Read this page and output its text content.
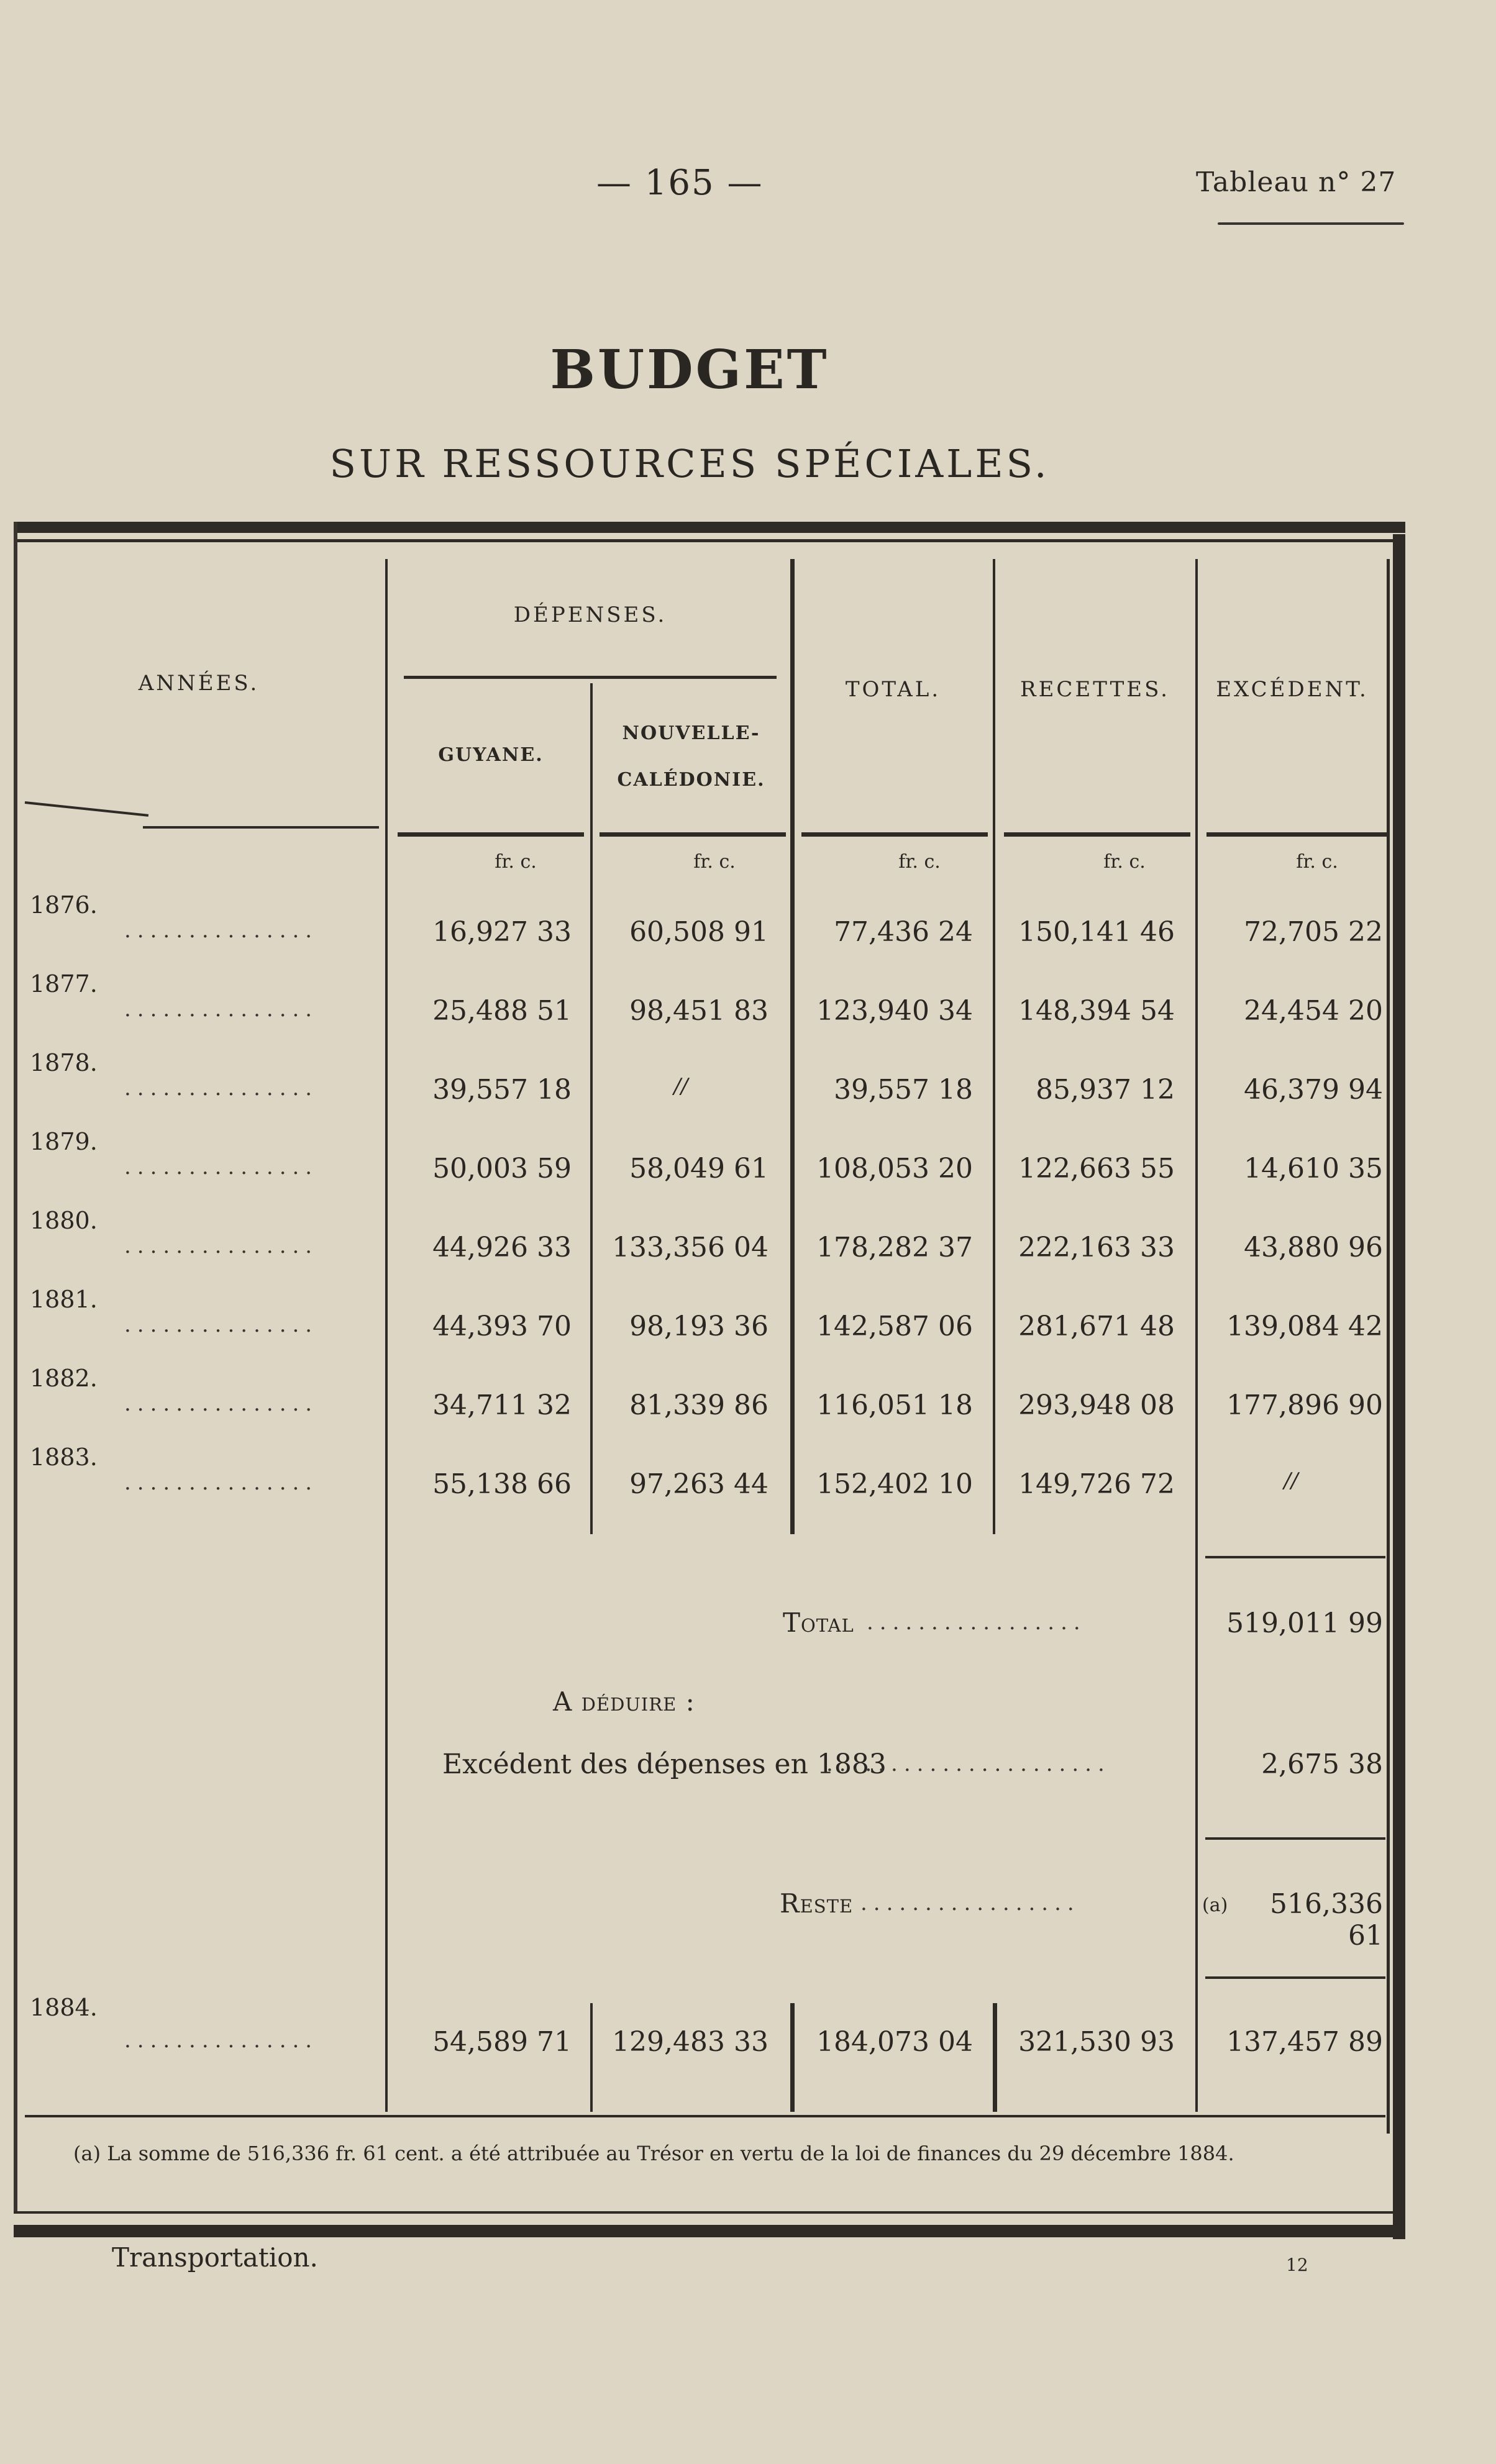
— 165 —	Tableau n° 27
BUDGET
SUR RESSOURCES SPÉCIALES.
ANNÉES.
DÉPENSES.
GUYANE.
NOUVELLE-
CALÉDONIE.
TOTAL.	RECETTES.	EXCÉDENT.
fr. c.	fr. c.	fr. c.	fr. c.	fr. c.
1876.
...............	16,927 33	60,508 91	77,436 24	150,141 46	72,705 22
1877.
...............	25,488 51	98,451 83	123,940 34	148,394 54	24,454 20
1878.
...............	39,557 18	//	39,557 18	85,937 12	46,379 94
1879.
...............	50,003 59	58,049 61	108,053 20	122,663 55	14,610 35
1880.
...............	44,926 33	133,356 04	178,282 37	222,163 33	43,880 96
1881.
...............	44,393 70	98,193 36	142,587 06	281,671 48	139,084 42
1882.
...............	34,711 32	81,339 86	116,051 18	293,948 08	177,896 90
1883.
...............	55,138 66	97,263 44	152,402 10	149,726 72	//
Total .................	519,011 99
A déduire :
Excédent des dépenses en 1883
......................	2,675 38
Reste .................	(a)	516,336 61
1884.
...............	54,589 71	129,483 33	184,073 04	321,530 93	137,457 89
(a) La somme de 516,336 fr. 61 cent. a été attribuée au Trésor en vertu de la loi de finances du 29 décembre 1884.
Transportation.	12
